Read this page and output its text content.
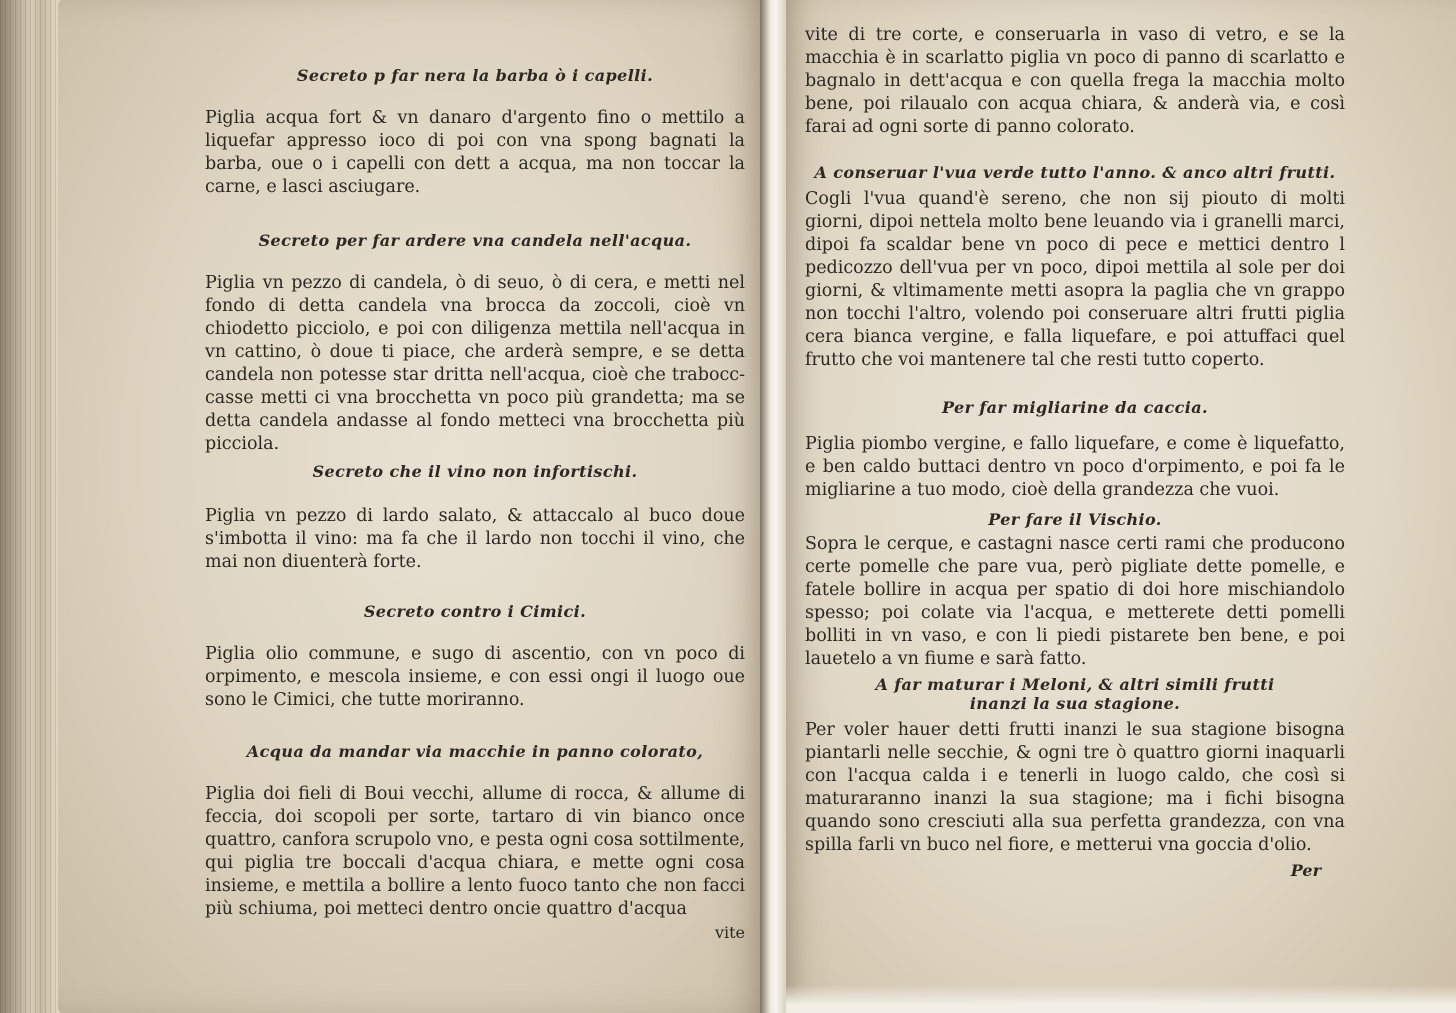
Secreto p far nera la barba ò i capelli.

Piglia acqua fort & vn danaro d'argento fino o mettilo a liquefar appresso ioco di poi con vna spong bagnati la barba, oue o i capelli con dett a acqua, ma non toccar la carne, e lasci asciugare.

Secreto per far ardere vna candela nell'acqua.

Piglia vn pezzo di candela, ò di seuo, ò di cera, e metti nel fondo di detta candela vna brocca da zoccoli, cioè vn chiodetto picciolo, e poi con diligenza mettila nell'acqua in vn cattino, ò doue ti piace, che arderà sempre, e se detta candela non potesse star dritta nell'acqua, cioè che trabocc-casse metti ci vna brocchetta vn poco più grandetta; ma se detta candela andasse al fondo metteci vna brocchetta più picciola.

Secreto che il vino non infortischi.

Piglia vn pezzo di lardo salato, & attaccalo al buco doue s'imbotta il vino: ma fa che il lardo non tocchi il vino, che mai non diuenterà forte.

Secreto contro i Cimici.

Piglia olio commune, e sugo di ascentio, con vn poco di orpimento, e mescola insieme, e con essi ongi il luogo oue sono le Cimici, che tutte moriranno.

Acqua da mandar via macchie in panno colorato,

Piglia doi fieli di Boui vecchi, allume di rocca, & allume di feccia, doi scopoli per sorte, tartaro di vin bianco once quattro, canfora scrupolo vno, e pesta ogni cosa sottilmente, qui piglia tre boccali d'acqua chiara, e mette ogni cosa insieme, e mettila a bollire a lento fuoco tanto che non facci più schiuma, poi metteci dentro oncie quattro d'acqua

vite

vite di tre corte, e conseruarla in vaso di vetro, e se la macchia è in scarlatto piglia vn poco di panno di scarlatto e bagnalo in dett'acqua e con quella frega la macchia molto bene, poi rilaualo con acqua chiara, & anderà via, e così farai ad ogni sorte di panno colorato.

A conseruar l'vua verde tutto l'anno. & anco altri frutti.

Cogli l'vua quand'è sereno, che non sij piouto di molti giorni, dipoi nettela molto bene leuando via i granelli marci, dipoi fa scaldar bene vn poco di pece e mettici dentro l pedicozzo dell'vua per vn poco, dipoi mettila al sole per doi giorni, & vltimamente metti asopra la paglia che vn grappo non tocchi l'altro, volendo poi conseruare altri frutti piglia cera bianca vergine, e falla liquefare, e poi attuffaci quel frutto che voi mantenere tal che resti tutto coperto.

Per far migliarine da caccia.

Piglia piombo vergine, e fallo liquefare, e come è liquefatto, e ben caldo buttaci dentro vn poco d'orpimento, e poi fa le migliarine a tuo modo, cioè della grandezza che vuoi.

Per fare il Vischio.

Sopra le cerque, e castagni nasce certi rami che producono certe pomelle che pare vua, però pigliate dette pomelle, e fatele bollire in acqua per spatio di doi hore mischiandolo spesso; poi colate via l'acqua, e metterete detti pomelli bolliti in vn vaso, e con li piedi pistarete ben bene, e poi lauetelo a vn fiume e sarà fatto.

A far maturar i Meloni, & altri simili frutti inanzi la sua stagione.

Per voler hauer detti frutti inanzi le sua stagione bisogna piantarli nelle secchie, & ogni tre ò quattro giorni inaquarli con l'acqua calda i e tenerli in luogo caldo, che così si maturaranno inanzi la sua stagione; ma i fichi bisogna quando sono cresciuti alla sua perfetta grandezza, con vna spilla farli vn buco nel fiore, e metterui vna goccia d'olio.

Per
